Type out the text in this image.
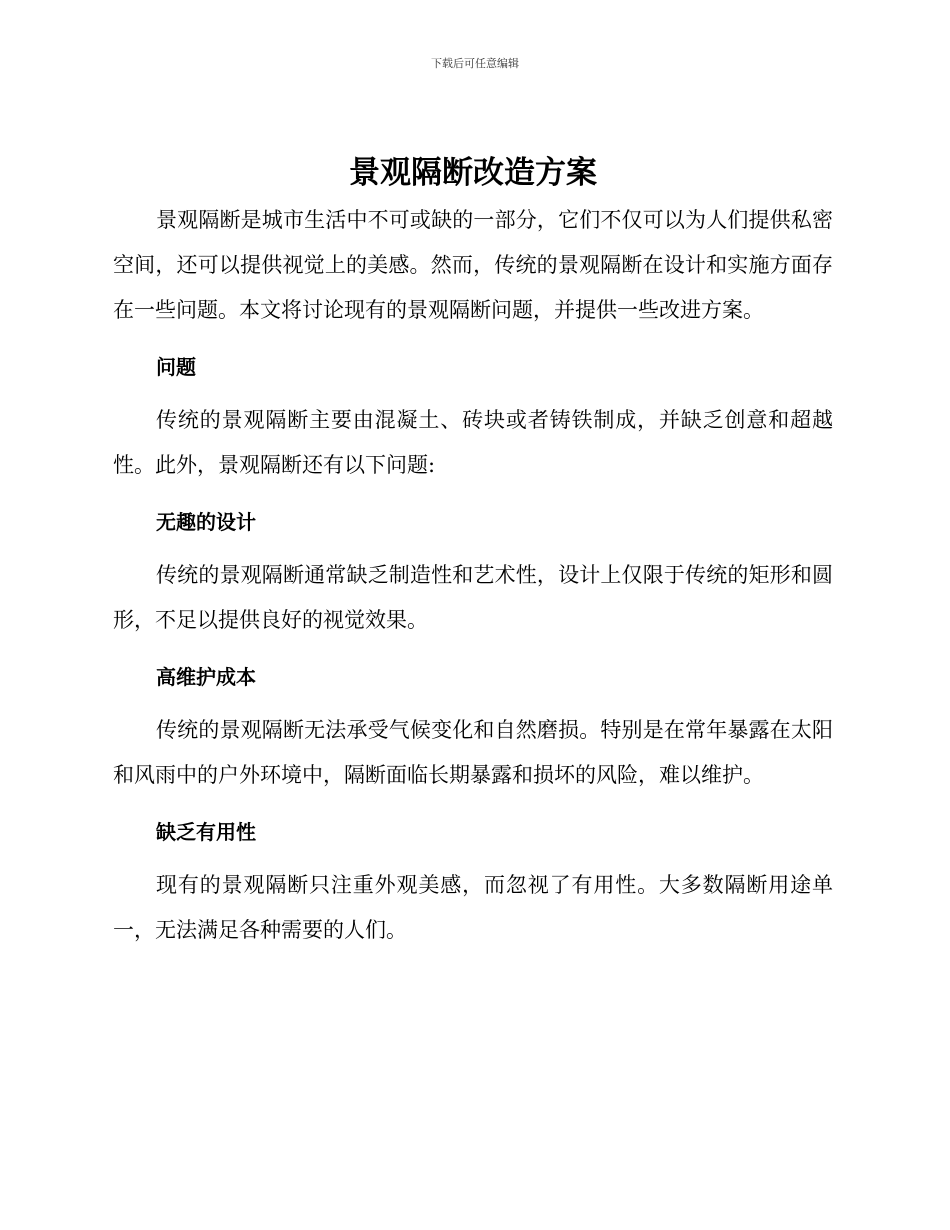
下载后可任意编辑
景观隔断改造方案

景观隔断是城市生活中不可或缺的一部分，它们不仅可以为人们提供私密空间，还可以提供视觉上的美感。然而，传统的景观隔断在设计和实施方面存在一些问题。本文将讨论现有的景观隔断问题，并提供一些改进方案。

问题

传统的景观隔断主要由混凝土、砖块或者铸铁制成，并缺乏创意和超越性。此外，景观隔断还有以下问题:

无趣的设计

传统的景观隔断通常缺乏制造性和艺术性，设计上仅限于传统的矩形和圆形，不足以提供良好的视觉效果。

高维护成本

传统的景观隔断无法承受气候变化和自然磨损。特别是在常年暴露在太阳和风雨中的户外环境中，隔断面临长期暴露和损坏的风险，难以维护。

缺乏有用性

现有的景观隔断只注重外观美感，而忽视了有用性。大多数隔断用途单一，无法满足各种需要的人们。
